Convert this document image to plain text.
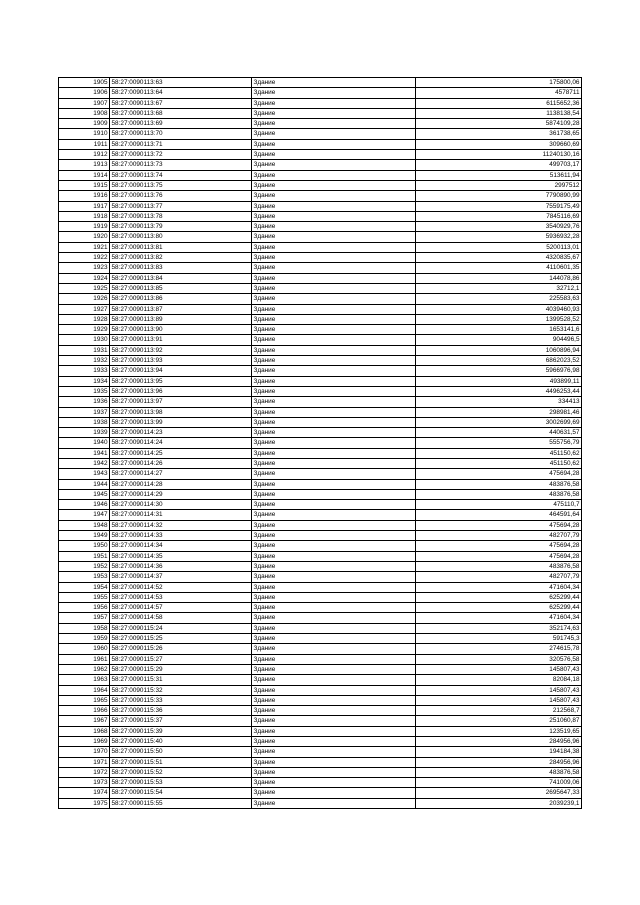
1905	58:27:0090113:63	Здание	175800,06
1906	58:27:0090113:64	Здание	4578711
1907	58:27:0090113:67	Здание	6115652,36
1908	58:27:0090113:68	Здание	1138138,54
1909	58:27:0090113:69	Здание	5874109,28
1910	58:27:0090113:70	Здание	361738,65
1911	58:27:0090113:71	Здание	309660,69
1912	58:27:0090113:72	Здание	11240130,16
1913	58:27:0090113:73	Здание	499703,17
1914	58:27:0090113:74	Здание	513611,94
1915	58:27:0090113:75	Здание	2997512
1916	58:27:0090113:76	Здание	7790890,99
1917	58:27:0090113:77	Здание	7559175,49
1918	58:27:0090113:78	Здание	7845116,69
1919	58:27:0090113:79	Здание	3540929,76
1920	58:27:0090113:80	Здание	5936932,28
1921	58:27:0090113:81	Здание	5200113,01
1922	58:27:0090113:82	Здание	4320835,67
1923	58:27:0090113:83	Здание	4110601,35
1924	58:27:0090113:84	Здание	144078,86
1925	58:27:0090113:85	Здание	32712,1
1926	58:27:0090113:86	Здание	225583,63
1927	58:27:0090113:87	Здание	4039460,93
1928	58:27:0090113:89	Здание	1399528,52
1929	58:27:0090113:90	Здание	1653141,6
1930	58:27:0090113:91	Здание	904496,5
1931	58:27:0090113:92	Здание	1060896,94
1932	58:27:0090113:93	Здание	6862023,52
1933	58:27:0090113:94	Здание	5966976,98
1934	58:27:0090113:95	Здание	493899,11
1935	58:27:0090113:96	Здание	4496253,44
1936	58:27:0090113:97	Здание	334413
1937	58:27:0090113:98	Здание	298981,46
1938	58:27:0090113:99	Здание	3002699,69
1939	58:27:0090114:23	Здание	440631,57
1940	58:27:0090114:24	Здание	555756,79
1941	58:27:0090114:25	Здание	451150,62
1942	58:27:0090114:26	Здание	451150,62
1943	58:27:0090114:27	Здание	475694,28
1944	58:27:0090114:28	Здание	483876,58
1945	58:27:0090114:29	Здание	483876,58
1946	58:27:0090114:30	Здание	475110,7
1947	58:27:0090114:31	Здание	464591,64
1948	58:27:0090114:32	Здание	475694,28
1949	58:27:0090114:33	Здание	482707,79
1950	58:27:0090114:34	Здание	475694,28
1951	58:27:0090114:35	Здание	475694,28
1952	58:27:0090114:36	Здание	483876,58
1953	58:27:0090114:37	Здание	482707,79
1954	58:27:0090114:52	Здание	471604,34
1955	58:27:0090114:53	Здание	625299,44
1956	58:27:0090114:57	Здание	625299,44
1957	58:27:0090114:58	Здание	471604,34
1958	58:27:0090115:24	Здание	352174,63
1959	58:27:0090115:25	Здание	591745,3
1960	58:27:0090115:26	Здание	274615,78
1961	58:27:0090115:27	Здание	320576,58
1962	58:27:0090115:29	Здание	145807,43
1963	58:27:0090115:31	Здание	82084,18
1964	58:27:0090115:32	Здание	145807,43
1965	58:27:0090115:33	Здание	145807,43
1966	58:27:0090115:36	Здание	212568,7
1967	58:27:0090115:37	Здание	251060,87
1968	58:27:0090115:39	Здание	123519,65
1969	58:27:0090115:40	Здание	284956,96
1970	58:27:0090115:50	Здание	194184,38
1971	58:27:0090115:51	Здание	284956,96
1972	58:27:0090115:52	Здание	483876,58
1973	58:27:0090115:53	Здание	741009,06
1974	58:27:0090115:54	Здание	2695647,33
1975	58:27:0090115:55	Здание	2039239,1
